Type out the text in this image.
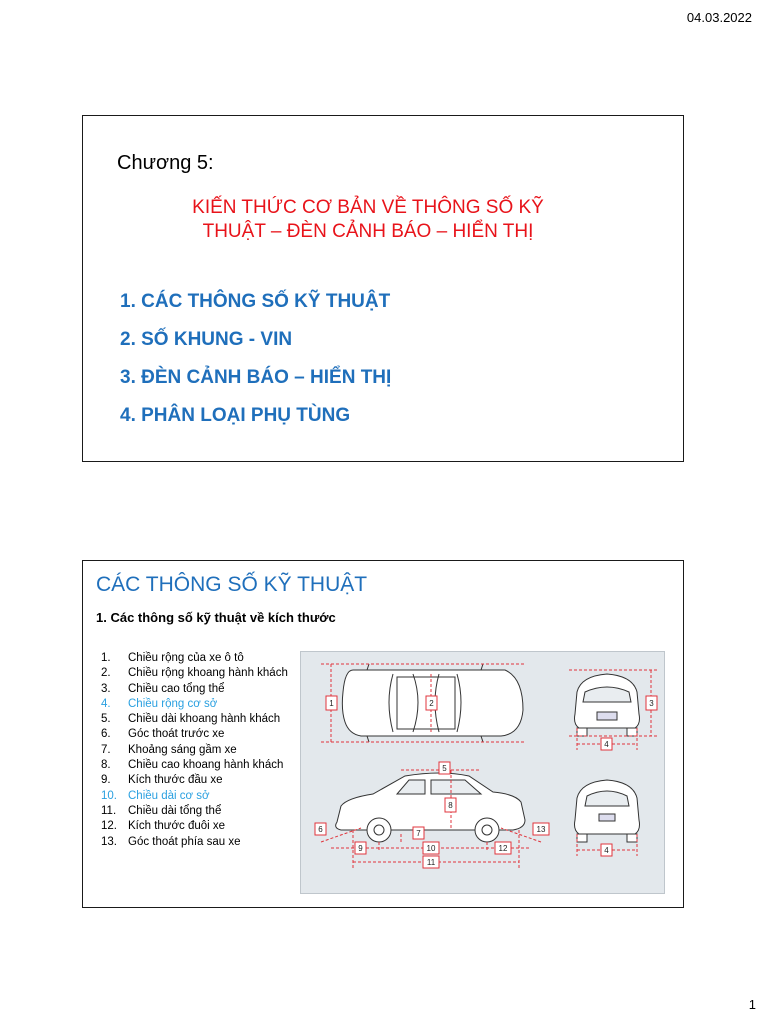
04.03.2022
Chương 5:
KIẾN THỨC CƠ BẢN VỀ THÔNG SỐ KỸ
THUẬT – ĐÈN CẢNH BÁO – HIỂN THỊ
1. CÁC THÔNG SỐ KỸ THUẬT
2. SỐ KHUNG - VIN
3. ĐÈN CẢNH BÁO – HIỂN THỊ
4. PHÂN LOẠI PHỤ TÙNG
CÁC THÔNG SỐ KỸ THUẬT
1. Các thông số kỹ thuật về kích thước
1. Chiều rộng của xe ô tô
2. Chiều rộng khoang hành khách
3. Chiều cao tổng thể
4. Chiều rộng cơ sở
5. Chiều dài khoang hành khách
6. Góc thoát trước xe
7. Khoảng sáng gầm xe
8. Chiều cao khoang hành khách
9. Kích thước đầu xe
10. Chiều dài cơ sở
11. Chiều dài tổng thể
12. Kích thước đuôi xe
13. Góc thoát phía sau xe
1	2	3
4
5
6	7
8
9	10
11
12
13
4
1
